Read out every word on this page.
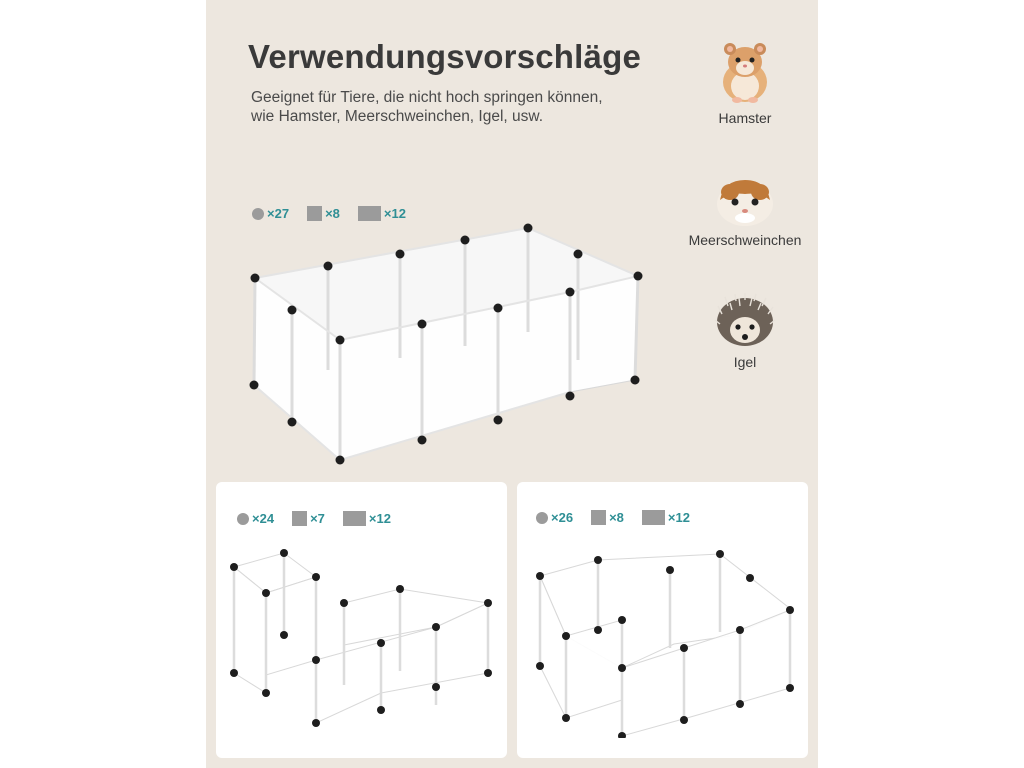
Verwendungsvorschläge
Geeignet für Tiere, die nicht hoch springen können,
wie Hamster, Meerschweinchen, Igel, usw.	Hamster
Meerschweinchen
Igel
×27	×8	×12
×24	×7	×12	×26	×8	×12
